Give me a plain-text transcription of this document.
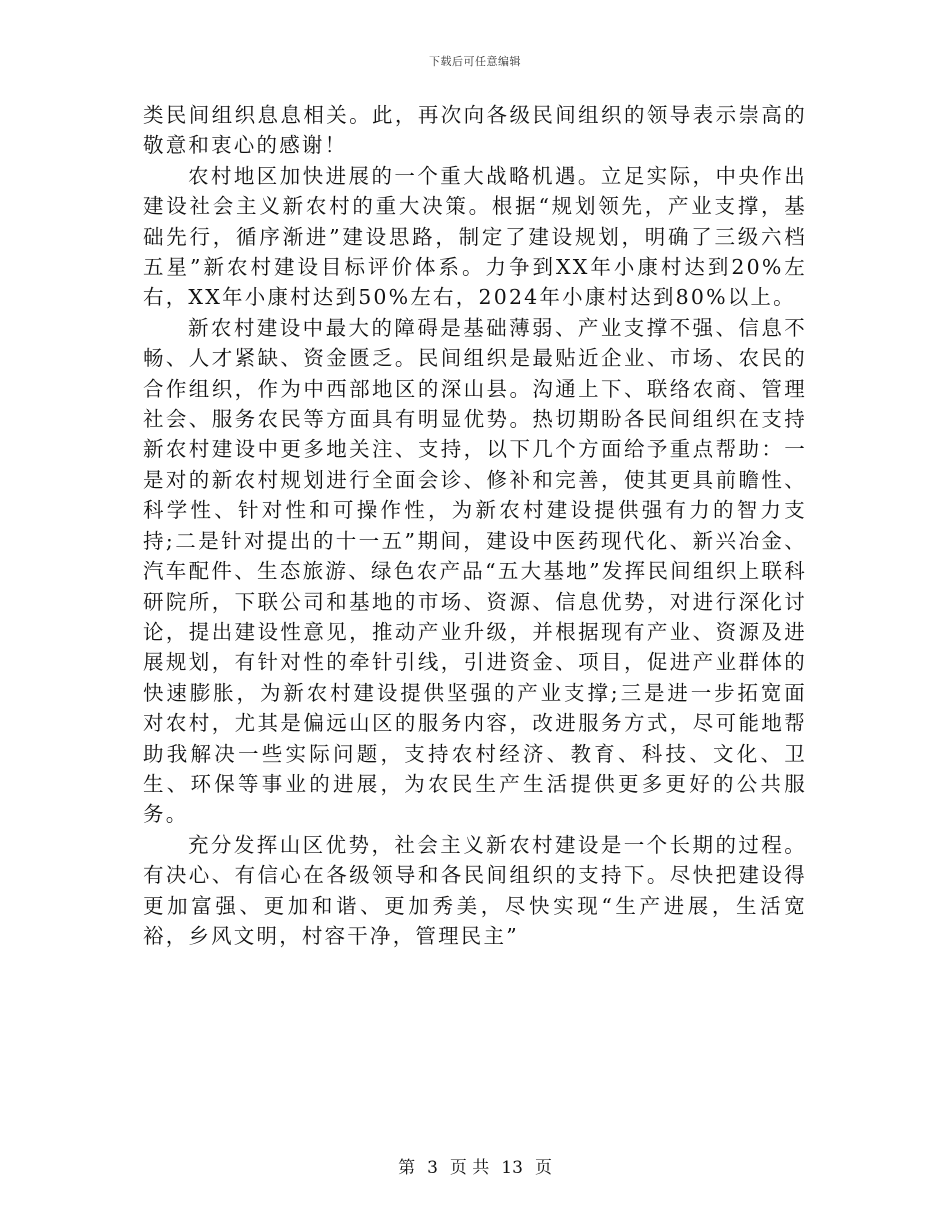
下载后可任意编辑

类民间组织息息相关。此，再次向各级民间组织的领导表示崇高的敬意和衷心的感谢！

农村地区加快进展的一个重大战略机遇。立足实际，中央作出建设社会主义新农村的重大决策。根据“规划领先，产业支撑，基础先行，循序渐进”建设思路，制定了建设规划，明确了三级六档五星”新农村建设目标评价体系。力争到XX年小康村达到20%左右，XX年小康村达到50%左右，2024年小康村达到80%以上。

新农村建设中最大的障碍是基础薄弱、产业支撑不强、信息不畅、人才紧缺、资金匮乏。民间组织是最贴近企业、市场、农民的合作组织，作为中西部地区的深山县。沟通上下、联络农商、管理社会、服务农民等方面具有明显优势。热切期盼各民间组织在支持新农村建设中更多地关注、支持，以下几个方面给予重点帮助：一是对的新农村规划进行全面会诊、修补和完善，使其更具前瞻性、科学性、针对性和可操作性，为新农村建设提供强有力的智力支持;二是针对提出的十一五”期间，建设中医药现代化、新兴冶金、汽车配件、生态旅游、绿色农产品“五大基地”发挥民间组织上联科研院所，下联公司和基地的市场、资源、信息优势，对进行深化讨论，提出建设性意见，推动产业升级，并根据现有产业、资源及进展规划，有针对性的牵针引线，引进资金、项目，促进产业群体的快速膨胀，为新农村建设提供坚强的产业支撑;三是进一步拓宽面对农村，尤其是偏远山区的服务内容，改进服务方式，尽可能地帮助我解决一些实际问题，支持农村经济、教育、科技、文化、卫生、环保等事业的进展，为农民生产生活提供更多更好的公共服务。

充分发挥山区优势，社会主义新农村建设是一个长期的过程。有决心、有信心在各级领导和各民间组织的支持下。尽快把建设得更加富强、更加和谐、更加秀美，尽快实现“生产进展，生活宽裕，乡风文明，村容干净，管理民主”

第 3 页 共 13 页
